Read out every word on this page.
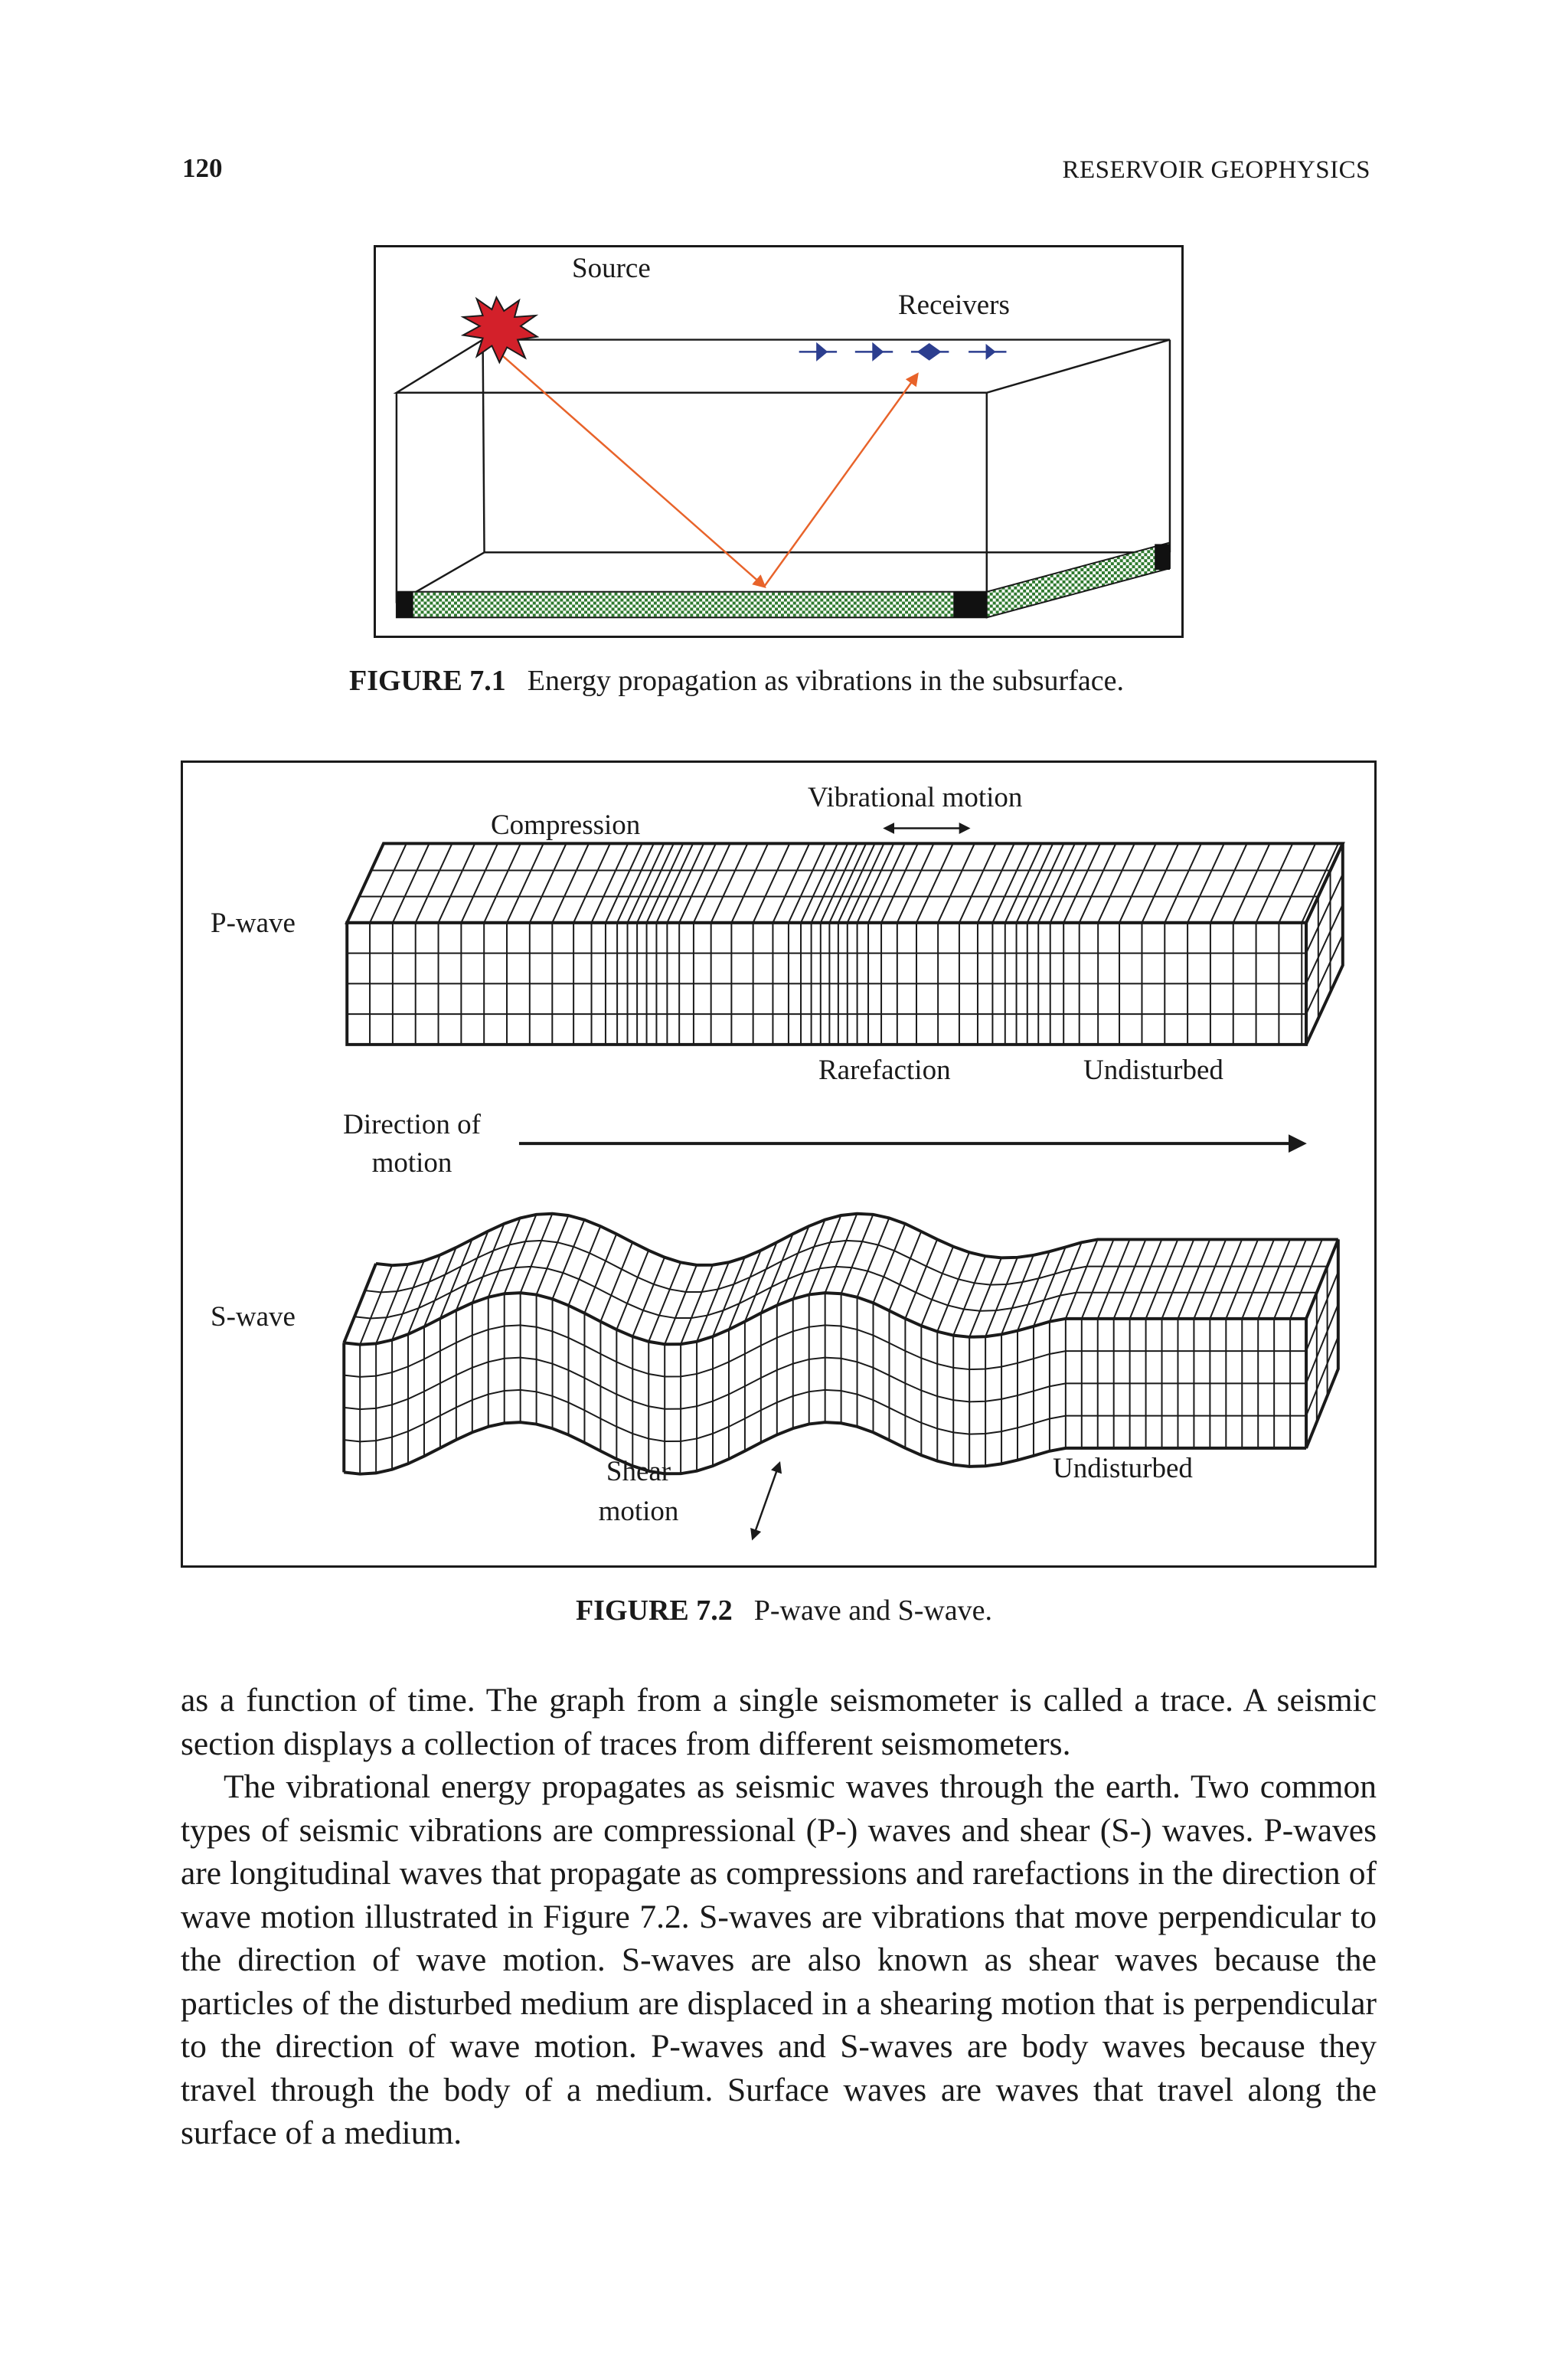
120	RESERVOIR GEOPHYSICS
Source
Receivers
FIGURE 7.1 Energy propagation as vibrations in the subsurface.
Compression
Vibrational motion
P-wave
Rarefaction	Undisturbed
Direction of
motion
S-wave
Shear
motion
Undisturbed
FIGURE 7.2 P-wave and S-wave.

as a function of time. The graph from a single seismometer is called a trace. A seismic section displays a collection of traces from different seismometers.

The vibrational energy propagates as seismic waves through the earth. Two common types of seismic vibrations are compressional (P-) waves and shear (S-) waves. P-waves are longitudinal waves that propagate as compressions and rarefactions in the direction of wave motion illustrated in Figure 7.2. S-waves are vibrations that move perpendicular to the direction of wave motion. S-waves are also known as shear waves because the particles of the disturbed medium are displaced in a shearing motion that is perpendicular to the direction of wave motion. P-waves and S-waves are body waves because they travel through the body of a medium. Surface waves are waves that travel along the surface of a medium.
